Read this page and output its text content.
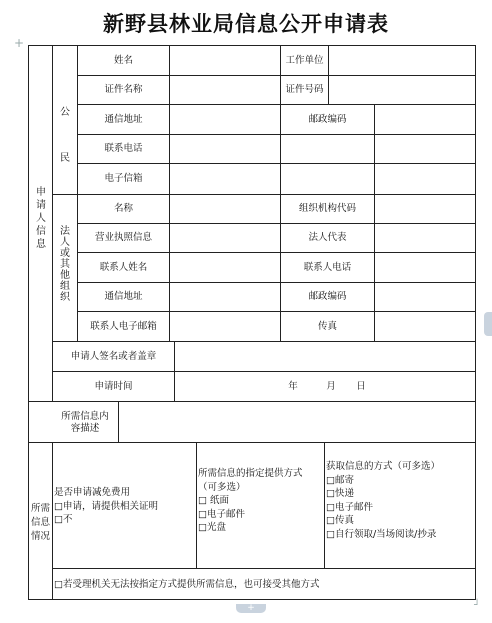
新野县林业局信息公开申请表
+
┘
+
申请人信息
公民
法人或其他组织
姓名	工作单位
证件名称	证件号码
通信地址	邮政编码
联系电话
电子信箱
名称	组织机构代码
营业执照信息	法人代表
联系人姓名	联系人电话
通信地址	邮政编码
联系人电子邮箱	传真
申请人签名或者盖章
申请时间	年	月	日
所需信息内容描述
所需信息情况
是否申请减免费用
□申请，请提供相关证明
□不
所需信息的指定提供方式
（可多选）
□ 纸面
□电子邮件
□光盘
获取信息的方式（可多选）
□邮寄
□快递
□电子邮件
□传真
□自行领取/当场阅读/抄录
□若受理机关无法按指定方式提供所需信息，也可接受其他方式
